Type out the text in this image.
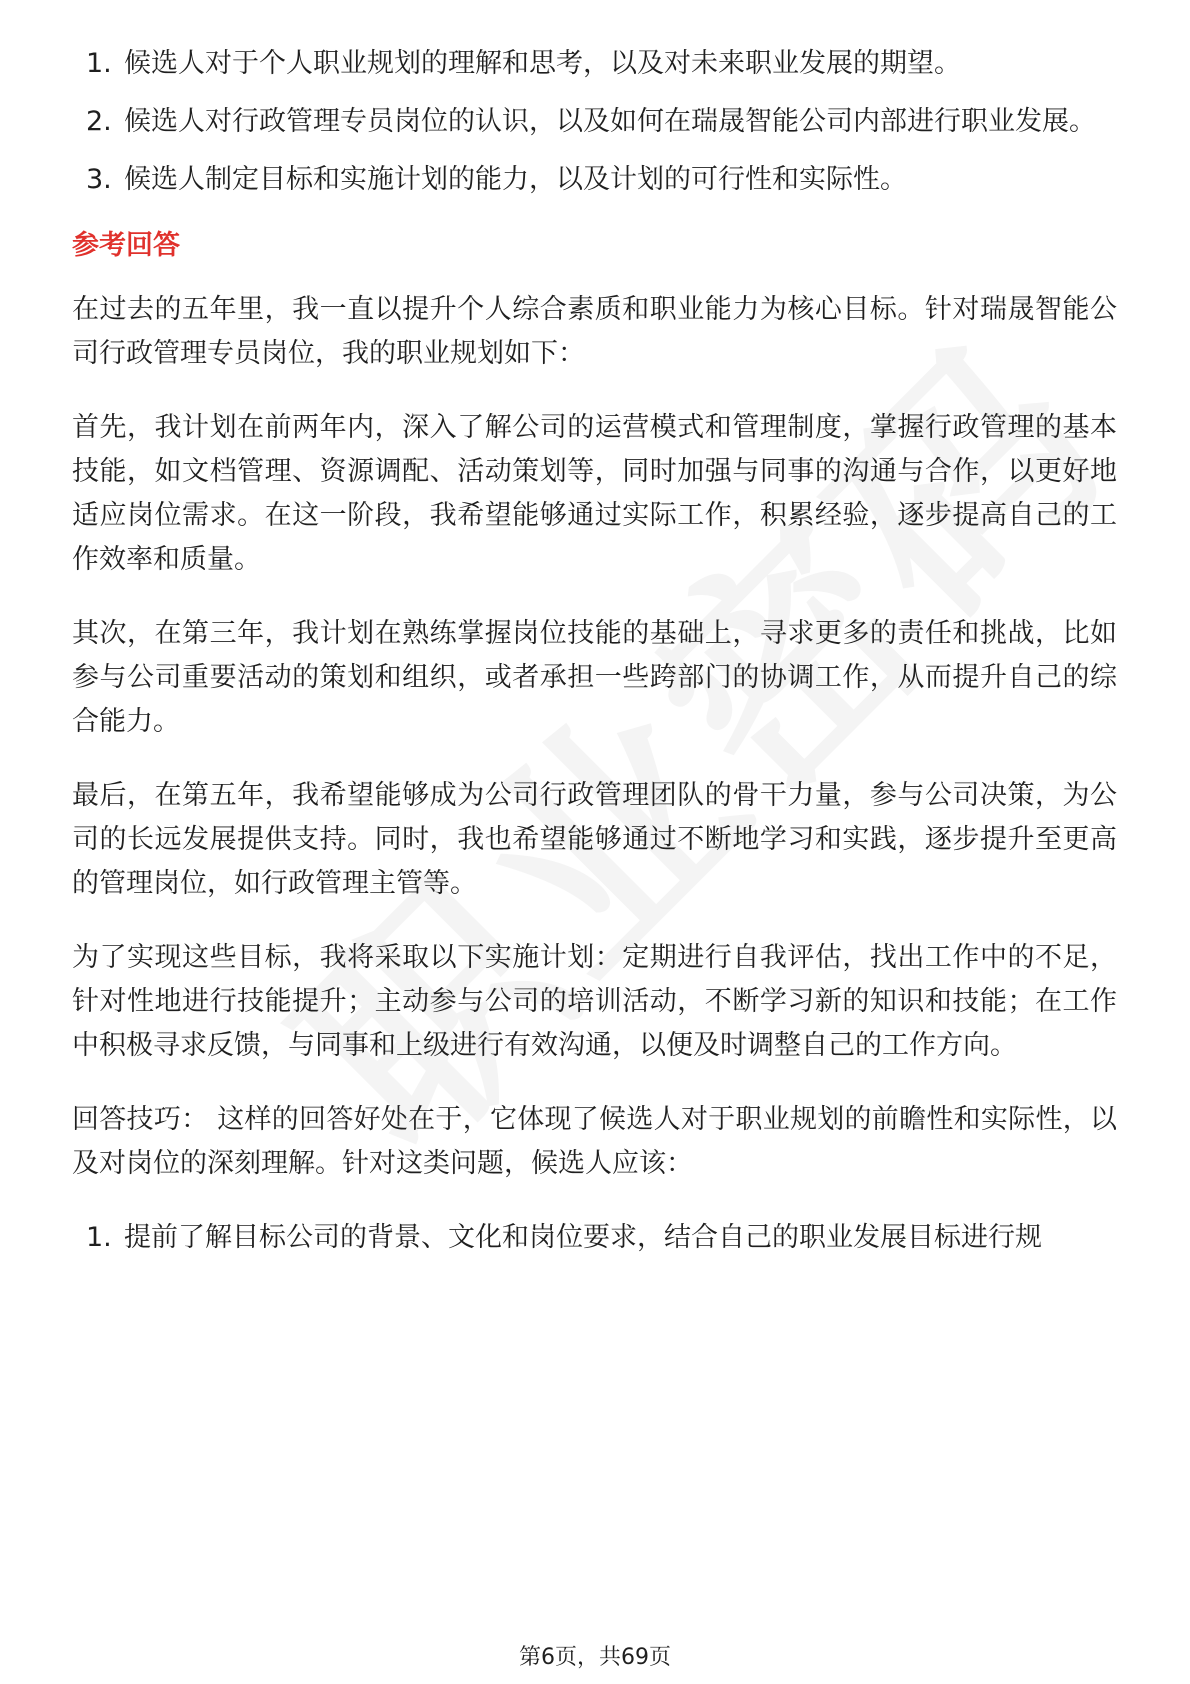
1. 候选人对于个人职业规划的理解和思考，以及对未来职业发展的期望。
2. 候选人对行政管理专员岗位的认识，以及如何在瑞晟智能公司内部进行职业发展。
3. 候选人制定目标和实施计划的能力，以及计划的可行性和实际性。
参考回答

在过去的五年里，我一直以提升个人综合素质和职业能力为核心目标。针对瑞晟智能公司行政管理专员岗位，我的职业规划如下：

首先，我计划在前两年内，深入了解公司的运营模式和管理制度，掌握行政管理的基本技能，如文档管理、资源调配、活动策划等，同时加强与同事的沟通与合作，以更好地适应岗位需求。在这一阶段，我希望能够通过实际工作，积累经验，逐步提高自己的工作效率和质量。

其次，在第三年，我计划在熟练掌握岗位技能的基础上，寻求更多的责任和挑战，比如参与公司重要活动的策划和组织，或者承担一些跨部门的协调工作，从而提升自己的综合能力。

最后，在第五年，我希望能够成为公司行政管理团队的骨干力量，参与公司决策，为公司的长远发展提供支持。同时，我也希望能够通过不断地学习和实践，逐步提升至更高的管理岗位，如行政管理主管等。

为了实现这些目标，我将采取以下实施计划：定期进行自我评估，找出工作中的不足，针对性地进行技能提升；主动参与公司的培训活动，不断学习新的知识和技能；在工作中积极寻求反馈，与同事和上级进行有效沟通，以便及时调整自己的工作方向。

回答技巧： 这样的回答好处在于，它体现了候选人对于职业规划的前瞻性和实际性，以及对岗位的深刻理解。针对这类问题，候选人应该：

1. 提前了解目标公司的背景、文化和岗位要求，结合自己的职业发展目标进行规
第6页，共69页
